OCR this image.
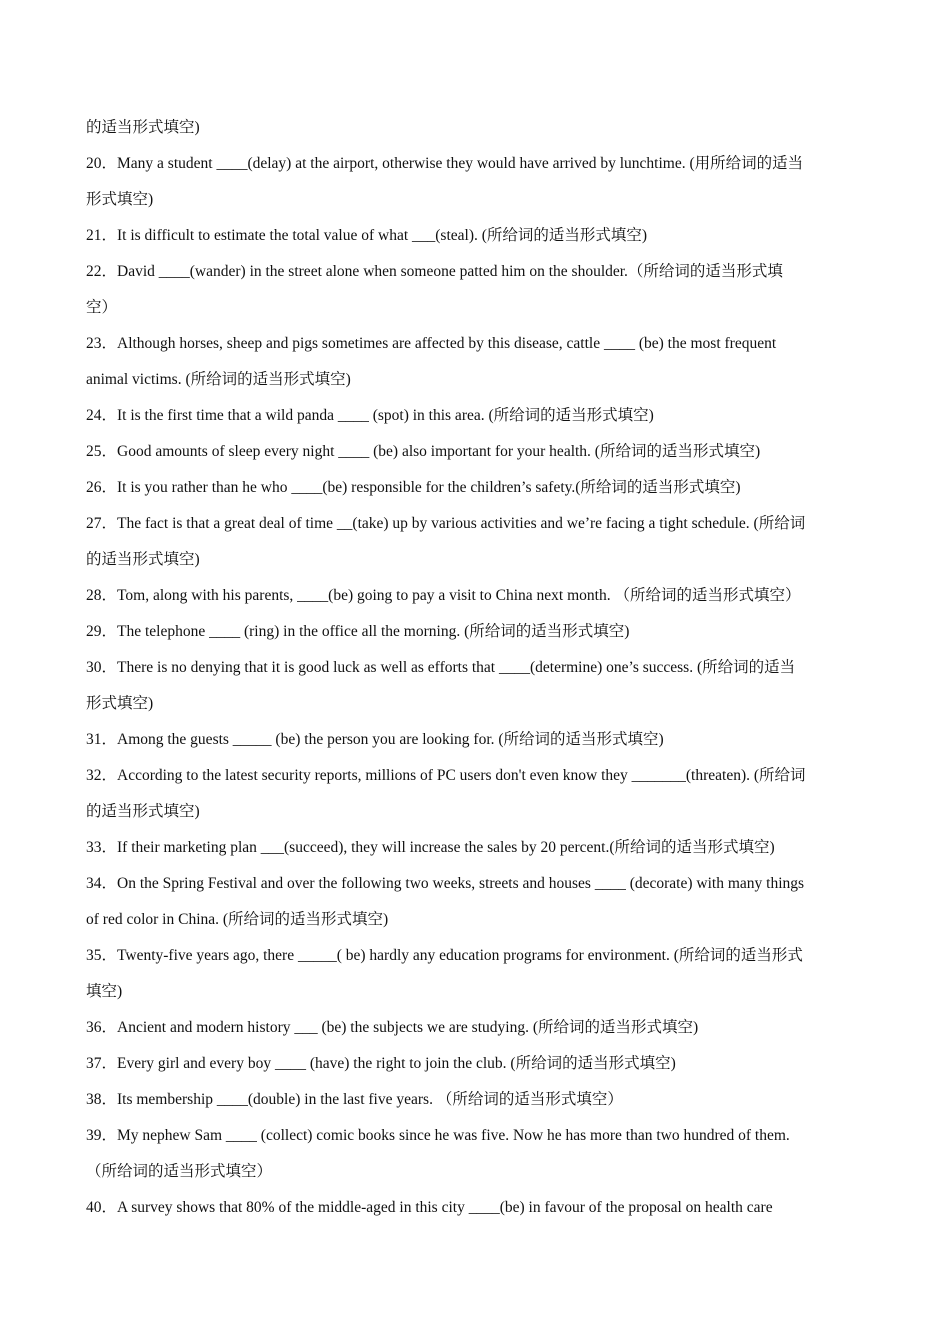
的适当形式填空)
20．Many a student ____(delay) at the airport, otherwise they would have arrived by lunchtime. (用所给词的适当
形式填空)
21．It is difficult to estimate the total value of what ___(steal). (所给词的适当形式填空)
22．David ____(wander) in the street alone when someone patted him on the shoulder.（所给词的适当形式填
空）
23．Although horses, sheep and pigs sometimes are affected by this disease, cattle ____ (be) the most frequent
animal victims. (所给词的适当形式填空)
24．It is the first time that a wild panda ____ (spot) in this area. (所给词的适当形式填空)
25．Good amounts of sleep every night ____ (be) also important for your health. (所给词的适当形式填空)
26．It is you rather than he who ____(be) responsible for the children’s safety.(所给词的适当形式填空)
27．The fact is that a great deal of time __(take) up by various activities and we’re facing a tight schedule. (所给词
的适当形式填空)
28．Tom, along with his parents, ____(be) going to pay a visit to China next month. （所给词的适当形式填空）
29．The telephone ____ (ring) in the office all the morning. (所给词的适当形式填空)
30．There is no denying that it is good luck as well as efforts that ____(determine) one’s success. (所给词的适当
形式填空)
31．Among the guests _____ (be) the person you are looking for. (所给词的适当形式填空)
32．According to the latest security reports, millions of PC users don't even know they _______(threaten). (所给词
的适当形式填空)
33．If their marketing plan ___(succeed), they will increase the sales by 20 percent.(所给词的适当形式填空)
34．On the Spring Festival and over the following two weeks, streets and houses ____ (decorate) with many things
of red color in China. (所给词的适当形式填空)
35．Twenty-five years ago, there _____( be) hardly any education programs for environment. (所给词的适当形式
填空)
36．Ancient and modern history ___ (be) the subjects we are studying. (所给词的适当形式填空)
37．Every girl and every boy ____ (have) the right to join the club. (所给词的适当形式填空)
38．Its membership ____(double) in the last five years. （所给词的适当形式填空）
39．My nephew Sam ____ (collect) comic books since he was five. Now he has more than two hundred of them.
（所给词的适当形式填空）
40．A survey shows that 80% of the middle-aged in this city ____(be) in favour of the proposal on health care
